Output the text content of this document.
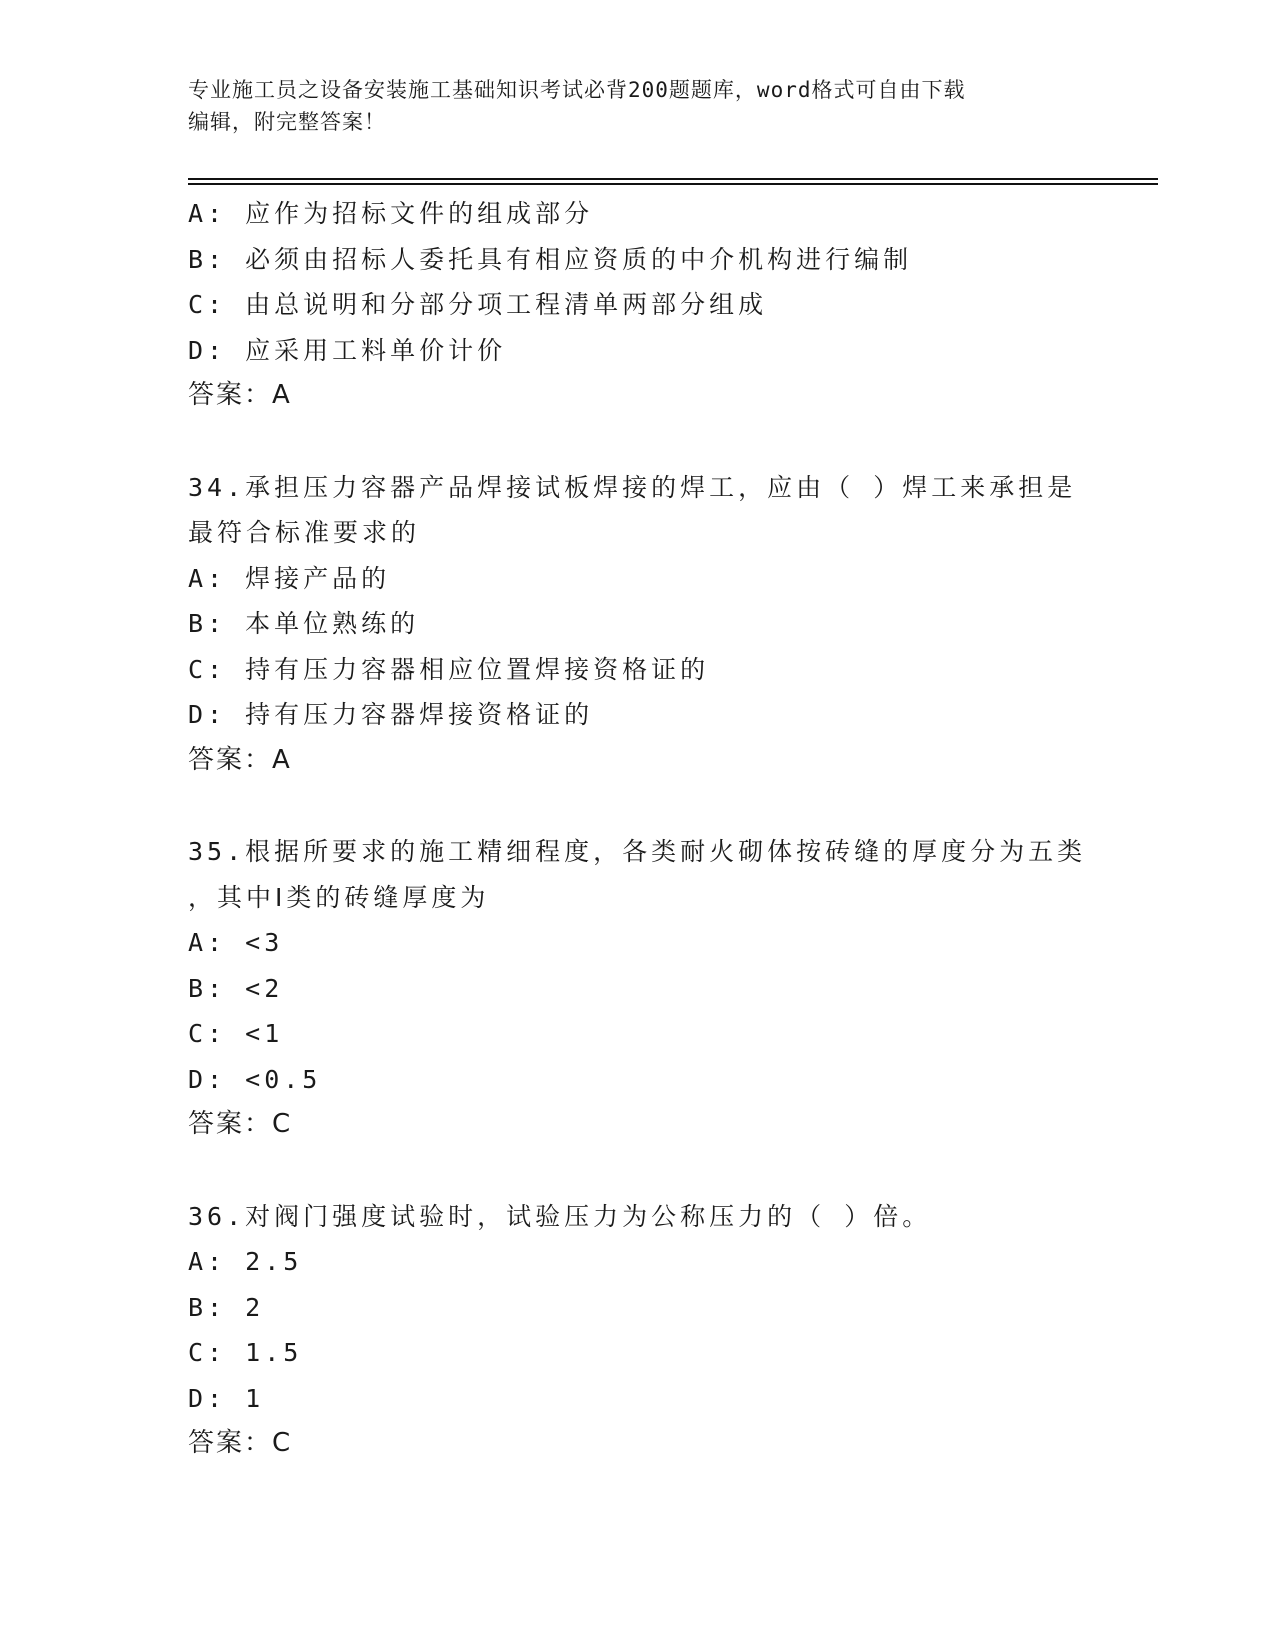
专业施工员之设备安装施工基础知识考试必背200题题库，word格式可自由下载
编辑，附完整答案！
A: 应作为招标文件的组成部分
B: 必须由招标人委托具有相应资质的中介机构进行编制
C: 由总说明和分部分项工程清单两部分组成
D: 应采用工料单价计价
答案：A
34.承担压力容器产品焊接试板焊接的焊工，应由（ ）焊工来承担是
最符合标准要求的
A: 焊接产品的
B: 本单位熟练的
C: 持有压力容器相应位置焊接资格证的
D: 持有压力容器焊接资格证的
答案：A
35.根据所要求的施工精细程度，各类耐火砌体按砖缝的厚度分为五类
，其中Ⅰ类的砖缝厚度为
A: <3
B: <2
C: <1
D: <0.5
答案：C
36.对阀门强度试验时，试验压力为公称压力的（ ）倍。
A: 2.5
B: 2
C: 1.5
D: 1
答案：C
